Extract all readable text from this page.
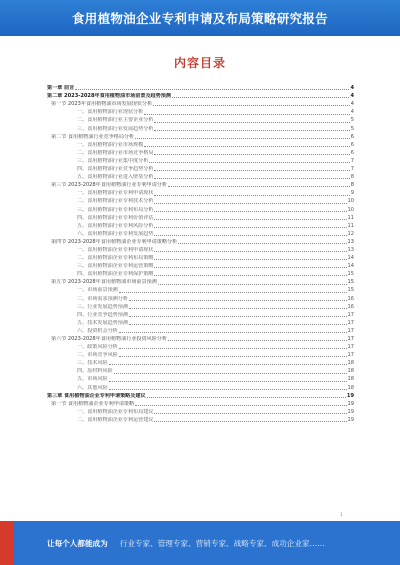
食用植物油企业专利申请及布局策略研究报告
内容目录
第一章 前言	4
第二章 2023-2028年食用植物油市场前景及趋势预测	4
第一节 2023年食用植物油市场发展现状分析	4
一、食用植物油行业现状分析	4
二、食用植物油行业主要企业分析	5
三、食用植物油行业发展趋势分析	5
第二节 食用植物油行业竞争格局分析	6
一、食用植物油行业市场规模	6
二、食用植物油行业市场竞争格局	6
三、食用植物油行业集中度分析	7
四、食用植物油行业竞争趋势分析	7
五、食用植物油行业进入壁垒分析	8
第三节 2023-2028年食用植物油行业专利申请分析	8
一、食用植物油行业专利申请现状	9
二、食用植物油行业专利技术分析	10
三、食用植物油行业专利布局分析	10
四、食用植物油行业专利价值评估	11
五、食用植物油行业专利风险分析	11
六、食用植物油行业专利发展趋势	12
第四节 2023-2028年食用植物油企业专利申请策略分析	13
一、食用植物油企业专利申请现状	13
二、食用植物油企业专利布局策略	14
三、食用植物油企业专利运营策略	14
四、食用植物油企业专利保护策略	15
第五节 2023-2028年食用植物油市场前景预测	15
一、市场前景预测	15
二、市场需求预测分析	16
三、行业发展趋势预测	16
四、行业竞争趋势预测	17
五、技术发展趋势预测	17
六、投资机会分析	17
第六节 2023-2028年食用植物油行业投资风险分析	17
一、政策风险分析	17
二、市场竞争风险	17
三、技术风险	18
四、原材料风险	18
五、市场风险	18
六、其他风险	18
第三章 食用植物油企业专利申请策略及建议	19
第一节 食用植物油企业专利申请策略	19
一、食用植物油企业专利布局建议	19
二、食用植物油企业专利运营建议	19
1
让每个人都能成为 行业专家、管理专家、营销专家、战略专家、成功企业家……
